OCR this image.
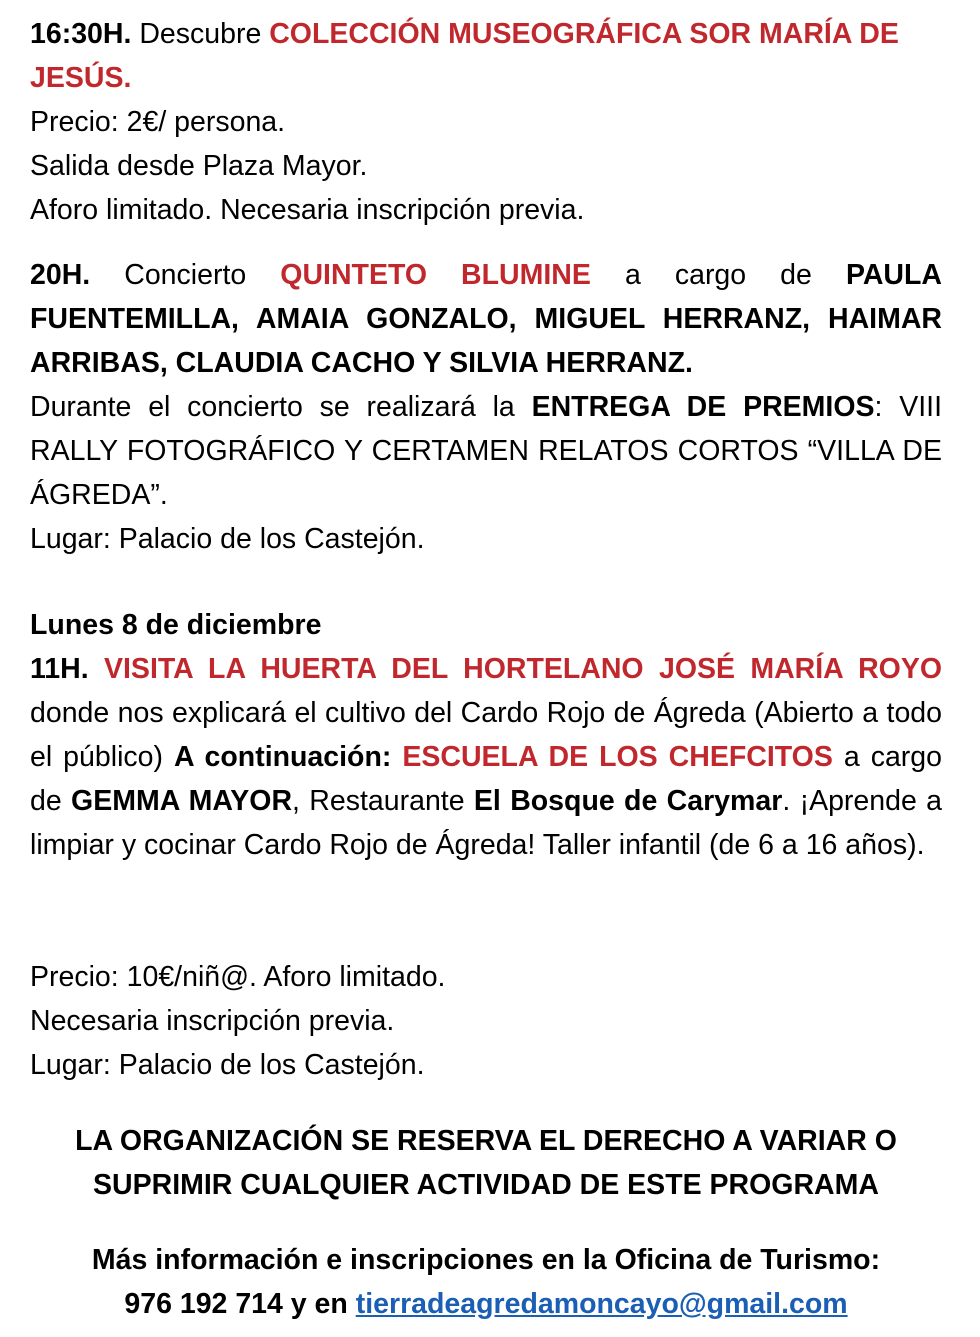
16:30H. Descubre COLECCIÓN MUSEOGRÁFICA SOR MARÍA DE JESÚS.

Precio: 2€/ persona.

Salida desde Plaza Mayor.

Aforo limitado. Necesaria inscripción previa.

20H. Concierto QUINTETO BLUMINE a cargo de PAULA FUENTEMILLA, AMAIA GONZALO, MIGUEL HERRANZ, HAIMAR ARRIBAS, CLAUDIA CACHO Y SILVIA HERRANZ.

Durante el concierto se realizará la ENTREGA DE PREMIOS: VIII RALLY FOTOGRÁFICO Y CERTAMEN RELATOS CORTOS “VILLA DE ÁGREDA”.

Lugar: Palacio de los Castejón.

Lunes 8 de diciembre

11H. VISITA LA HUERTA DEL HORTELANO JOSÉ MARÍA ROYO donde nos explicará el cultivo del Cardo Rojo de Ágreda (Abierto a todo el público) A continuación: ESCUELA DE LOS CHEFCITOS a cargo de GEMMA MAYOR, Restaurante El Bosque de Carymar. ¡Aprende a limpiar y cocinar Cardo Rojo de Ágreda! Taller infantil (de 6 a 16 años).

Precio: 10€/niñ@. Aforo limitado.

Necesaria inscripción previa.

Lugar: Palacio de los Castejón.

LA ORGANIZACIÓN SE RESERVA EL DERECHO A VARIAR O

SUPRIMIR CUALQUIER ACTIVIDAD DE ESTE PROGRAMA

Más información e inscripciones en la Oficina de Turismo:

976 192 714 y en tierradeagredamoncayo@gmail.com
